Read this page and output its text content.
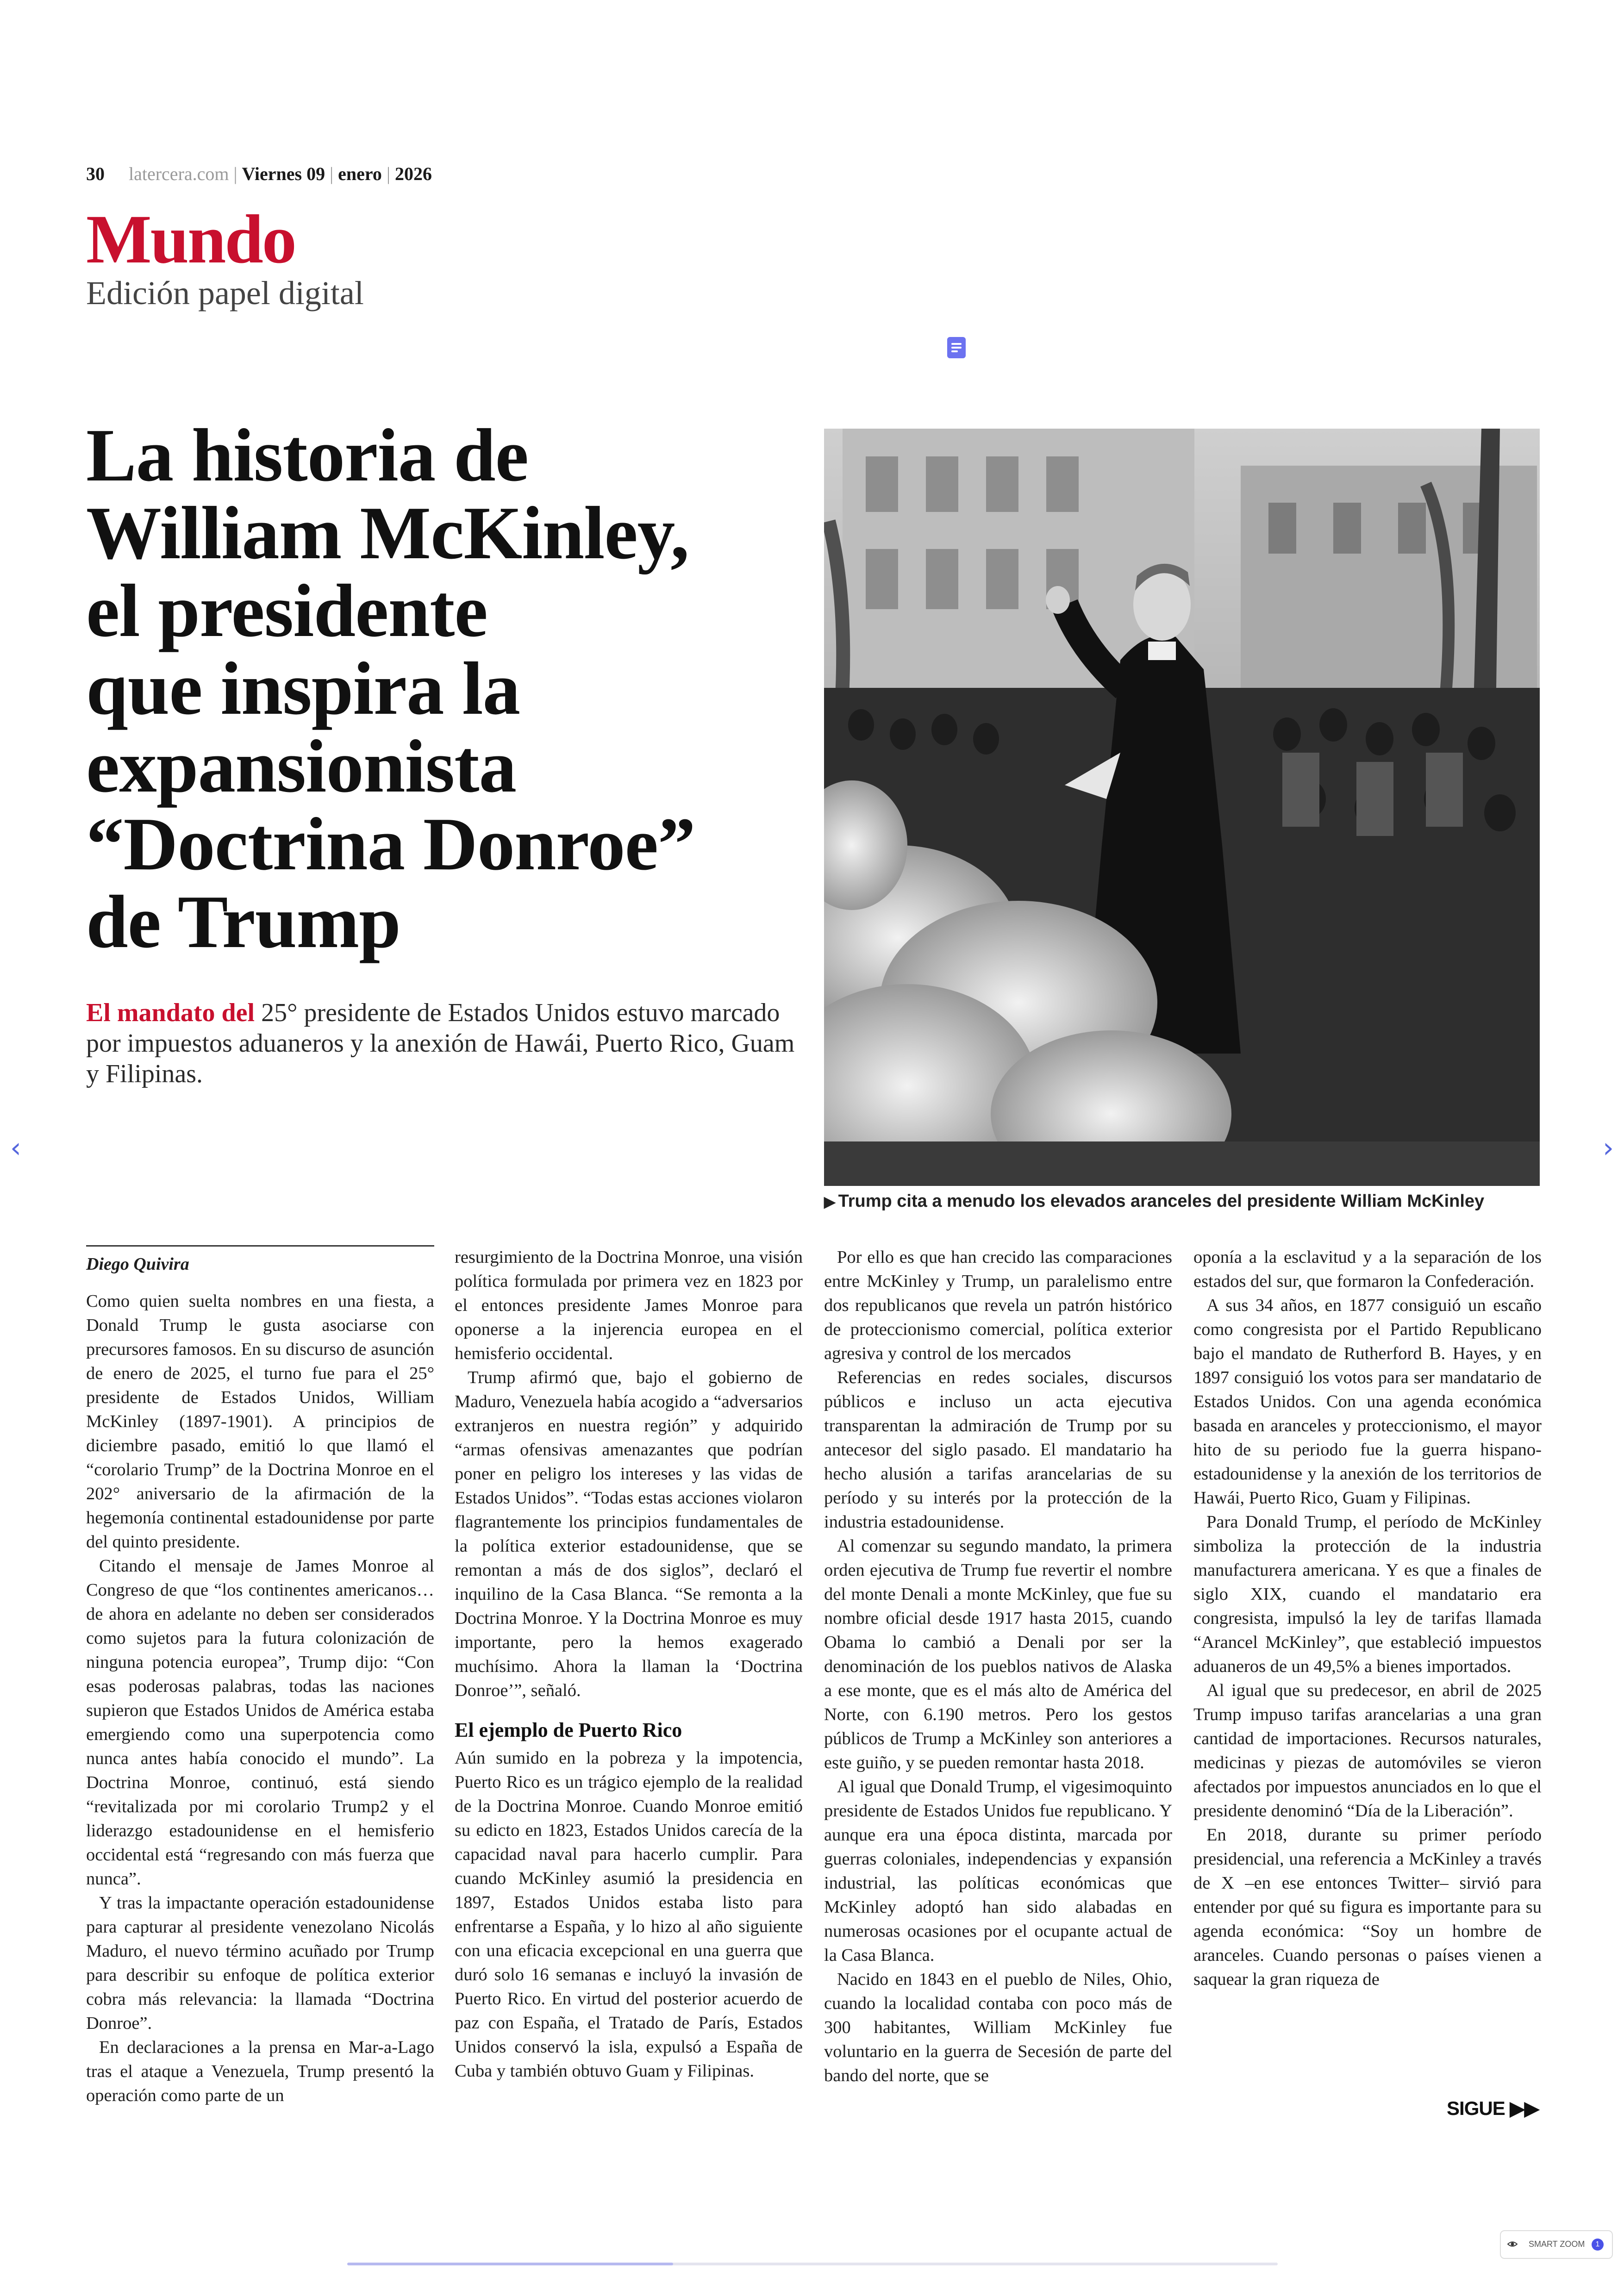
30 latercera.com | Viernes 09 | enero | 2026
Mundo
Edición papel digital
La historia de
William McKinley,
el presidente
que inspira la
expansionista
“Doctrina Donroe”
de Trump
El mandato del 25° presidente de Estados Unidos estuvo marcado por impuestos aduaneros y la anexión de Hawái, Puerto Rico, Guam y Filipinas.
▶ Trump cita a menudo los elevados aranceles del presidente William McKinley
Diego Quivira

Como quien suelta nombres en una fiesta, a Donald Trump le gusta asociarse con precursores famosos. En su discurso de asunción de enero de 2025, el turno fue para el 25° presidente de Estados Unidos, William McKinley (1897-1901). A principios de diciembre pasado, emitió lo que llamó el “corolario Trump” de la Doctrina Monroe en el 202° aniversario de la afirmación de la hegemonía continental estadounidense por parte del quinto presidente.

Citando el mensaje de James Monroe al Congreso de que “los continentes americanos… de ahora en adelante no deben ser considerados como sujetos para la futura colonización de ninguna potencia europea”, Trump dijo: “Con esas poderosas palabras, todas las naciones supieron que Estados Unidos de América estaba emergiendo como una superpotencia como nunca antes había conocido el mundo”. La Doctrina Monroe, continuó, está siendo “revitalizada por mi corolario Trump2 y el liderazgo estadounidense en el hemisferio occidental está “regresando con más fuerza que nunca”.

Y tras la impactante operación estadounidense para capturar al presidente venezolano Nicolás Maduro, el nuevo término acuñado por Trump para describir su enfoque de política exterior cobra más relevancia: la llamada “Doctrina Donroe”.

En declaraciones a la prensa en Mar-a-Lago tras el ataque a Venezuela, Trump presentó la operación como parte de un

resurgimiento de la Doctrina Monroe, una visión política formulada por primera vez en 1823 por el entonces presidente James Monroe para oponerse a la injerencia europea en el hemisferio occidental.

Trump afirmó que, bajo el gobierno de Maduro, Venezuela había acogido a “adversarios extranjeros en nuestra región” y adquirido “armas ofensivas amenazantes que podrían poner en peligro los intereses y las vidas de Estados Unidos”. “Todas estas acciones violaron flagrantemente los principios fundamentales de la política exterior estadounidense, que se remontan a más de dos siglos”, declaró el inquilino de la Casa Blanca. “Se remonta a la Doctrina Monroe. Y la Doctrina Monroe es muy importante, pero la hemos exagerado muchísimo. Ahora la llaman la ‘Doctrina Donroe’”, señaló.

El ejemplo de Puerto Rico

Aún sumido en la pobreza y la impotencia, Puerto Rico es un trágico ejemplo de la realidad de la Doctrina Monroe. Cuando Monroe emitió su edicto en 1823, Estados Unidos carecía de la capacidad naval para hacerlo cumplir. Para cuando McKinley asumió la presidencia en 1897, Estados Unidos estaba listo para enfrentarse a España, y lo hizo al año siguiente con una eficacia excepcional en una guerra que duró solo 16 semanas e incluyó la invasión de Puerto Rico. En virtud del posterior acuerdo de paz con España, el Tratado de París, Estados Unidos conservó la isla, expulsó a España de Cuba y también obtuvo Guam y Filipinas.

Por ello es que han crecido las comparaciones entre McKinley y Trump, un paralelismo entre dos republicanos que revela un patrón histórico de proteccionismo comercial, política exterior agresiva y control de los mercados

Referencias en redes sociales, discursos públicos e incluso un acta ejecutiva transparentan la admiración de Trump por su antecesor del siglo pasado. El mandatario ha hecho alusión a tarifas arancelarias de su período y su interés por la protección de la industria estadounidense.

Al comenzar su segundo mandato, la primera orden ejecutiva de Trump fue revertir el nombre del monte Denali a monte McKinley, que fue su nombre oficial desde 1917 hasta 2015, cuando Obama lo cambió a Denali por ser la denominación de los pueblos nativos de Alaska a ese monte, que es el más alto de América del Norte, con 6.190 metros. Pero los gestos públicos de Trump a McKinley son anteriores a este guiño, y se pueden remontar hasta 2018.

Al igual que Donald Trump, el vigesimoquinto presidente de Estados Unidos fue republicano. Y aunque era una época distinta, marcada por guerras coloniales, independencias y expansión industrial, las políticas económicas que McKinley adoptó han sido alabadas en numerosas ocasiones por el ocupante actual de la Casa Blanca.

Nacido en 1843 en el pueblo de Niles, Ohio, cuando la localidad contaba con poco más de 300 habitantes, William McKinley fue voluntario en la guerra de Secesión de parte del bando del norte, que se

oponía a la esclavitud y a la separación de los estados del sur, que formaron la Confederación.

A sus 34 años, en 1877 consiguió un escaño como congresista por el Partido Republicano bajo el mandato de Rutherford B. Hayes, y en 1897 consiguió los votos para ser mandatario de Estados Unidos. Con una agenda económica basada en aranceles y proteccionismo, el mayor hito de su periodo fue la guerra hispano-estadounidense y la anexión de los territorios de Hawái, Puerto Rico, Guam y Filipinas.

Para Donald Trump, el período de McKinley simboliza la protección de la industria manufacturera americana. Y es que a finales de siglo XIX, cuando el mandatario era congresista, impulsó la ley de tarifas llamada “Arancel McKinley”, que estableció impuestos aduaneros de un 49,5% a bienes importados.

Al igual que su predecesor, en abril de 2025 Trump impuso tarifas arancelarias a una gran cantidad de importaciones. Recursos naturales, medicinas y piezas de automóviles se vieron afectados por impuestos anunciados en lo que el presidente denominó “Día de la Liberación”.

En 2018, durante su primer período presidencial, una referencia a McKinley a través de X –en ese entonces Twitter– sirvió para entender por qué su figura es importante para su agenda económica: “Soy un hombre de aranceles. Cuando personas o países vienen a saquear la gran riqueza de

SIGUE ▶▶
‹	›
SMART ZOOM	1
